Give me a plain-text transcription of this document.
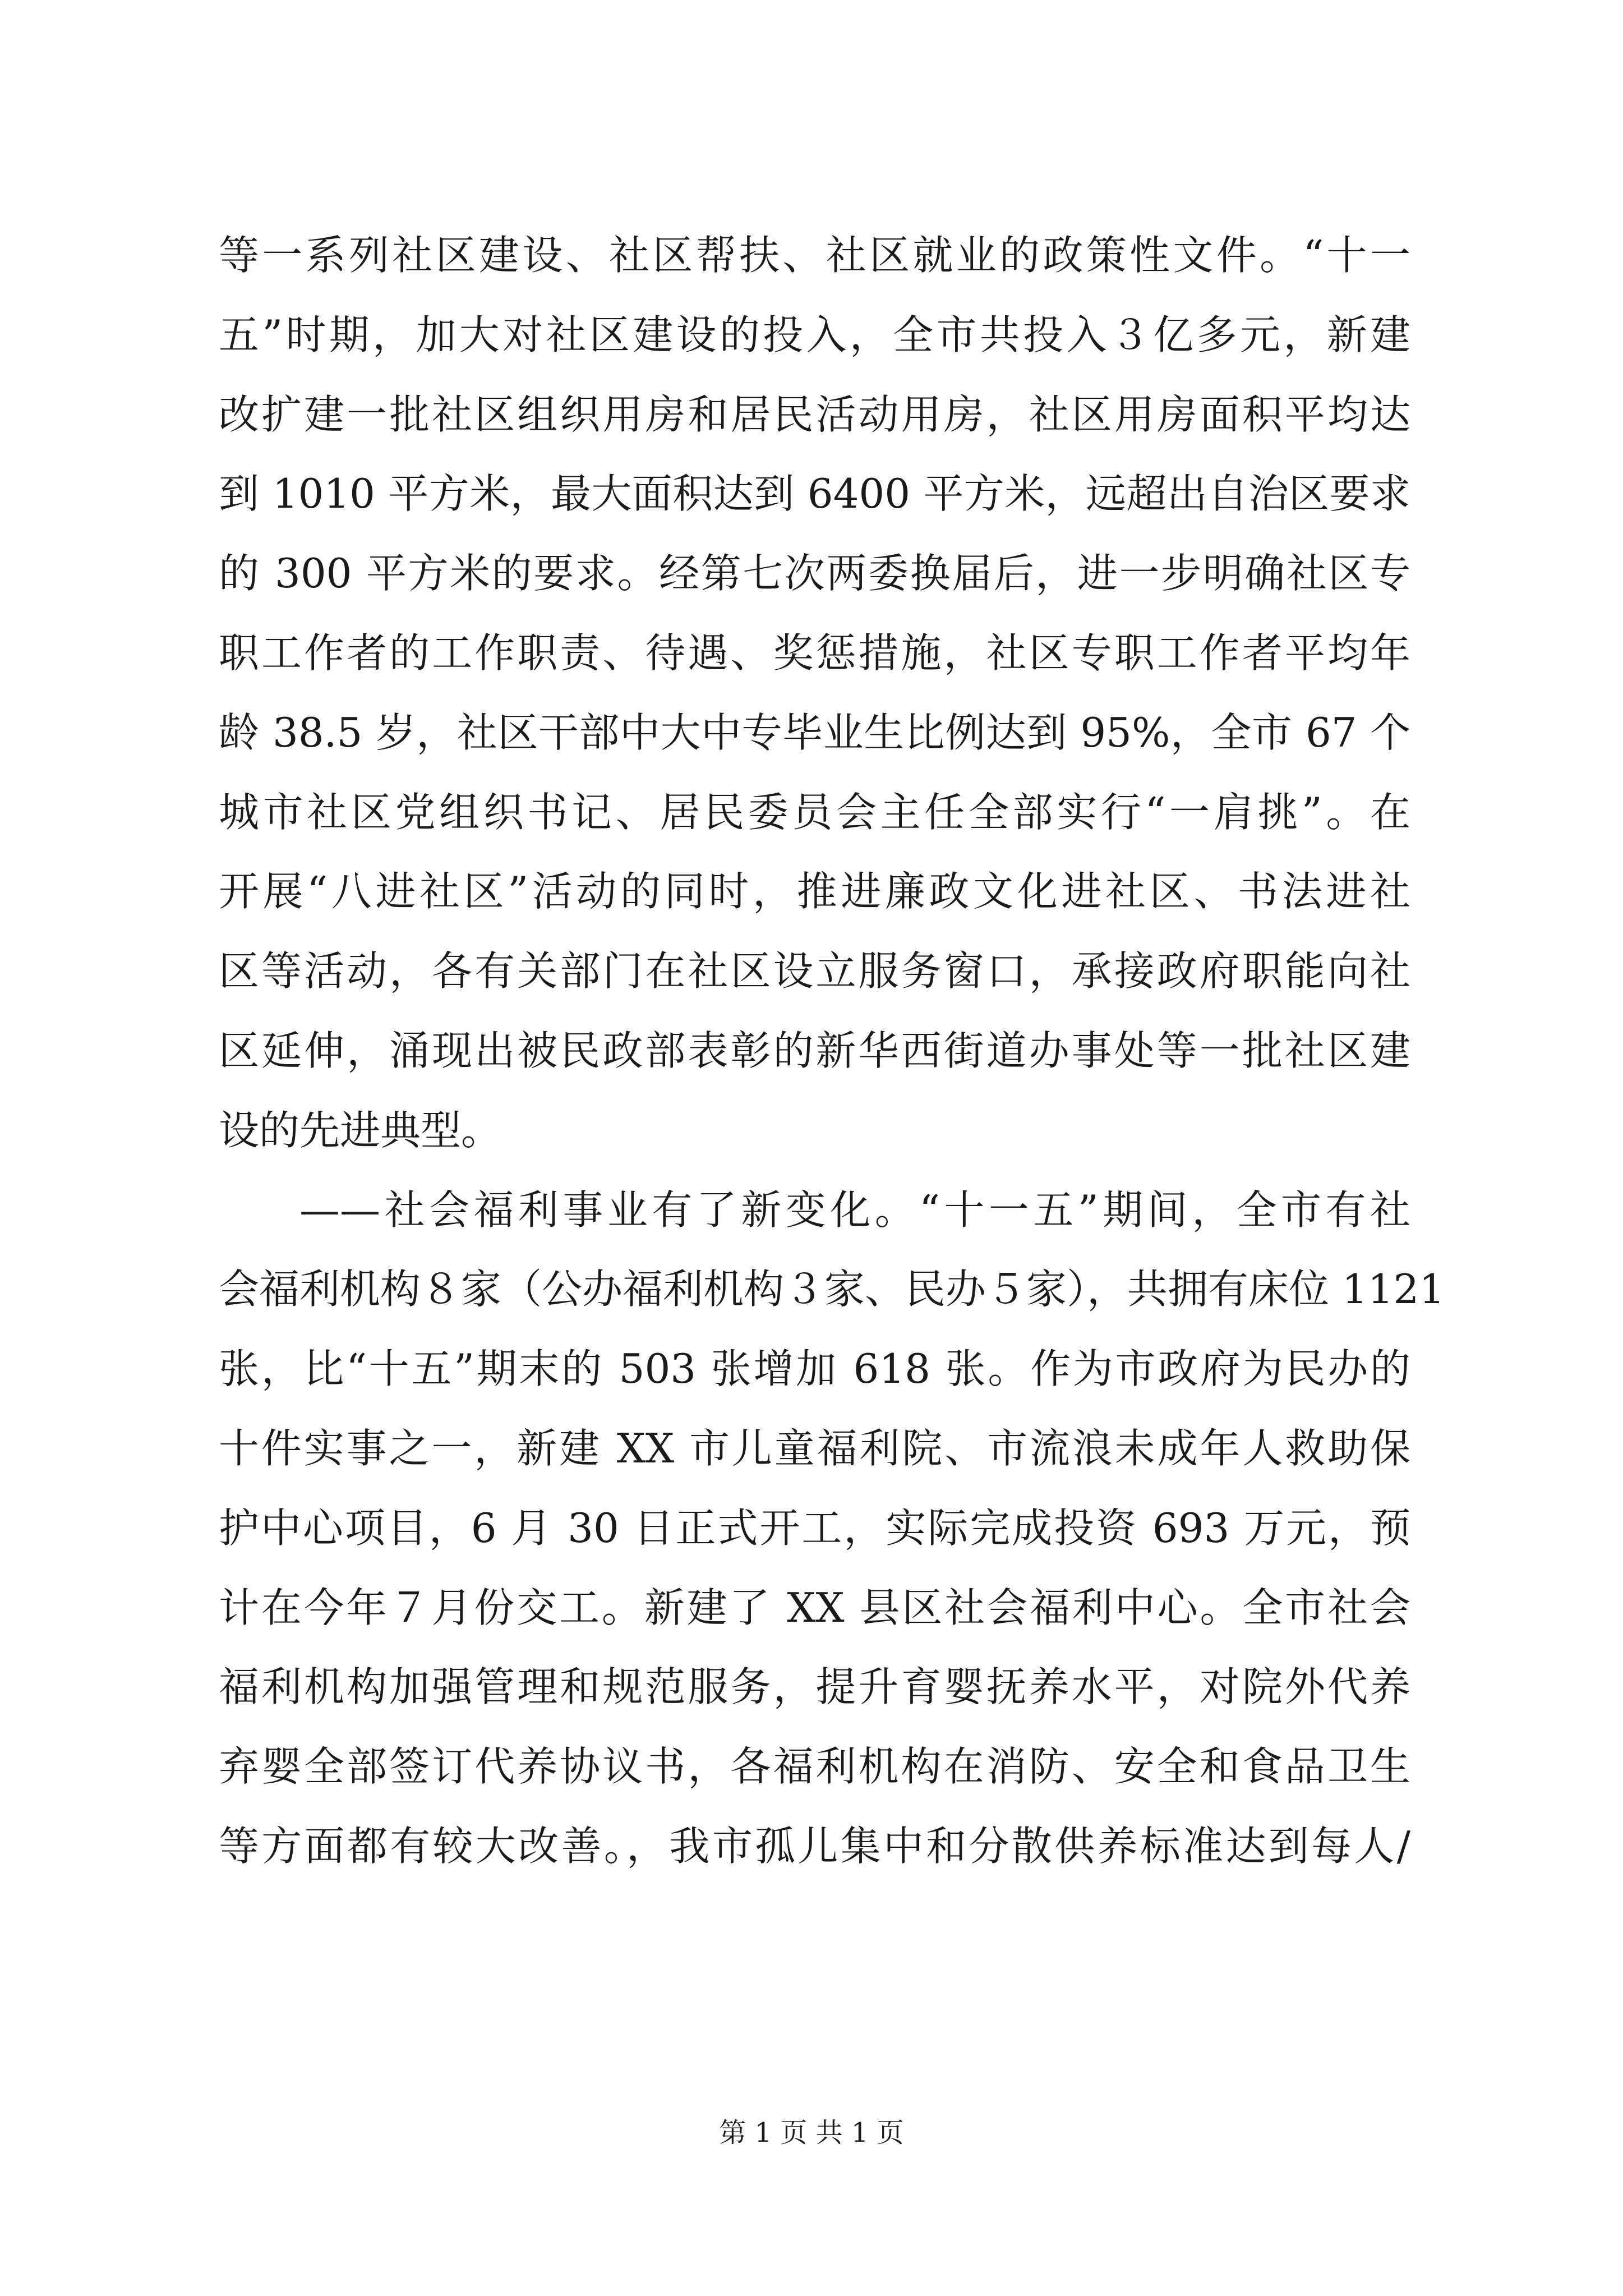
等一系列社区建设、社区帮扶、社区就业的政策性文件。“十一
五”时期，加大对社区建设的投入，全市共投入３亿多元，新建
改扩建一批社区组织用房和居民活动用房，社区用房面积平均达
到 1010 平方米，最大面积达到 6400 平方米，远超出自治区要求
的 300 平方米的要求。经第七次两委换届后，进一步明确社区专
职工作者的工作职责、待遇、奖惩措施，社区专职工作者平均年
龄 38.5 岁，社区干部中大中专毕业生比例达到 95%，全市 67 个
城市社区党组织书记、居民委员会主任全部实行“一肩挑”。在
开展“八进社区”活动的同时，推进廉政文化进社区、书法进社
区等活动，各有关部门在社区设立服务窗口，承接政府职能向社
区延伸，涌现出被民政部表彰的新华西街道办事处等一批社区建
设的先进典型。
——社会福利事业有了新变化。“十一五”期间，全市有社
会福利机构８家（公办福利机构３家、民办５家），共拥有床位 1121
张，比“十五”期末的 503 张增加 618 张。作为市政府为民办的
十件实事之一，新建 XX 市儿童福利院、市流浪未成年人救助保
护中心项目，6 月 30 日正式开工，实际完成投资 693 万元，预
计在今年７月份交工。新建了 XX 县区社会福利中心。全市社会
福利机构加强管理和规范服务，提升育婴抚养水平，对院外代养
弃婴全部签订代养协议书，各福利机构在消防、安全和食品卫生
等方面都有较大改善。，我市孤儿集中和分散供养标准达到每人/
第 1 页 共 1 页
